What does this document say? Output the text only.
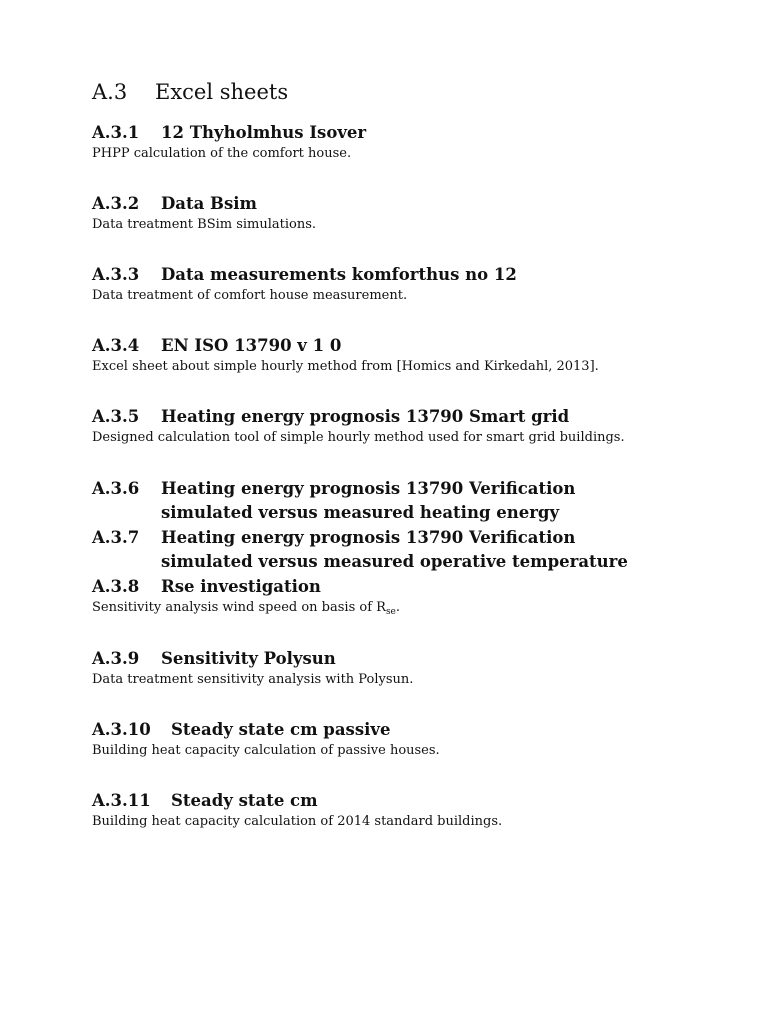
A.3 Excel sheets

A.3.1	12 Thyholmhus Isover

PHPP calculation of the comfort house.

A.3.2	Data Bsim

Data treatment BSim simulations.

A.3.3	Data measurements komforthus no 12

Data treatment of comfort house measurement.

A.3.4	EN ISO 13790 v 1 0

Excel sheet about simple hourly method from [Homics and Kirkedahl, 2013].

A.3.5	Heating energy prognosis 13790 Smart grid

Designed calculation tool of simple hourly method used for smart grid buildings.

A.3.6	Heating energy prognosis 13790 Verification
simulated versus measured heating energy

A.3.7	Heating energy prognosis 13790 Verification
simulated versus measured operative temperature

A.3.8	Rse investigation

Sensitivity analysis wind speed on basis of $R_{se}$.

A.3.9	Sensitivity Polysun

Data treatment sensitivity analysis with Polysun.

A.3.10	Steady state cm passive

Building heat capacity calculation of passive houses.

A.3.11	Steady state cm

Building heat capacity calculation of 2014 standard buildings.
